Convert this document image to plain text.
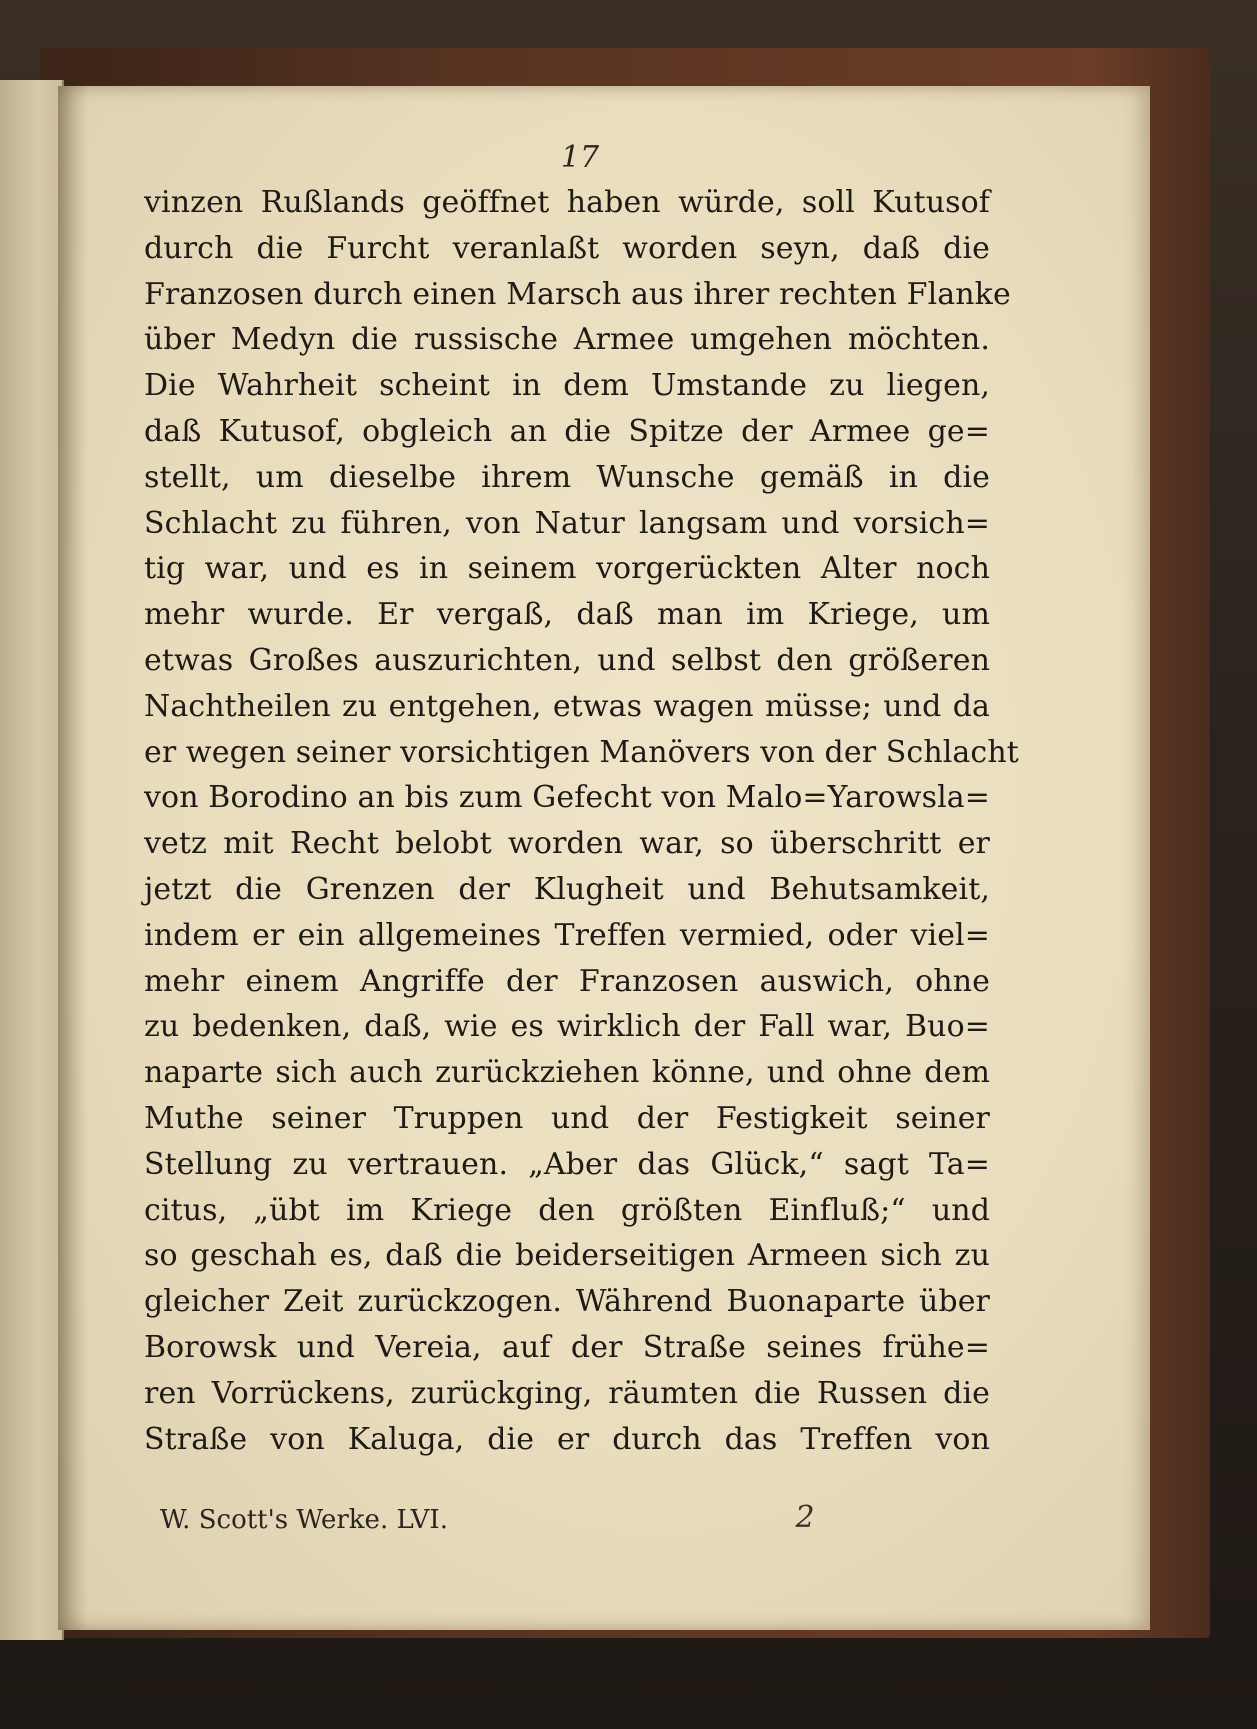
17
vinzen Rußlands geöffnet haben würde, soll Kutusof
durch die Furcht veranlaßt worden seyn, daß die
Franzosen durch einen Marsch aus ihrer rechten Flanke
über Medyn die russische Armee umgehen möchten.
Die Wahrheit scheint in dem Umstande zu liegen,
daß Kutusof, obgleich an die Spitze der Armee ge=
stellt, um dieselbe ihrem Wunsche gemäß in die
Schlacht zu führen, von Natur langsam und vorsich=
tig war, und es in seinem vorgerückten Alter noch
mehr wurde. Er vergaß, daß man im Kriege, um
etwas Großes auszurichten, und selbst den größeren
Nachtheilen zu entgehen, etwas wagen müsse; und da
er wegen seiner vorsichtigen Manövers von der Schlacht
von Borodino an bis zum Gefecht von Malo=Yarowsla=
vetz mit Recht belobt worden war, so überschritt er
jetzt die Grenzen der Klugheit und Behutsamkeit,
indem er ein allgemeines Treffen vermied, oder viel=
mehr einem Angriffe der Franzosen auswich, ohne
zu bedenken, daß, wie es wirklich der Fall war, Buo=
naparte sich auch zurückziehen könne, und ohne dem
Muthe seiner Truppen und der Festigkeit seiner
Stellung zu vertrauen. „Aber das Glück,“ sagt Ta=
citus, „übt im Kriege den größten Einfluß;“ und
so geschah es, daß die beiderseitigen Armeen sich zu
gleicher Zeit zurückzogen. Während Buonaparte über
Borowsk und Vereia, auf der Straße seines frühe=
ren Vorrückens, zurückging, räumten die Russen die
Straße von Kaluga, die er durch das Treffen von
W. Scott's Werke. LVI.	2
